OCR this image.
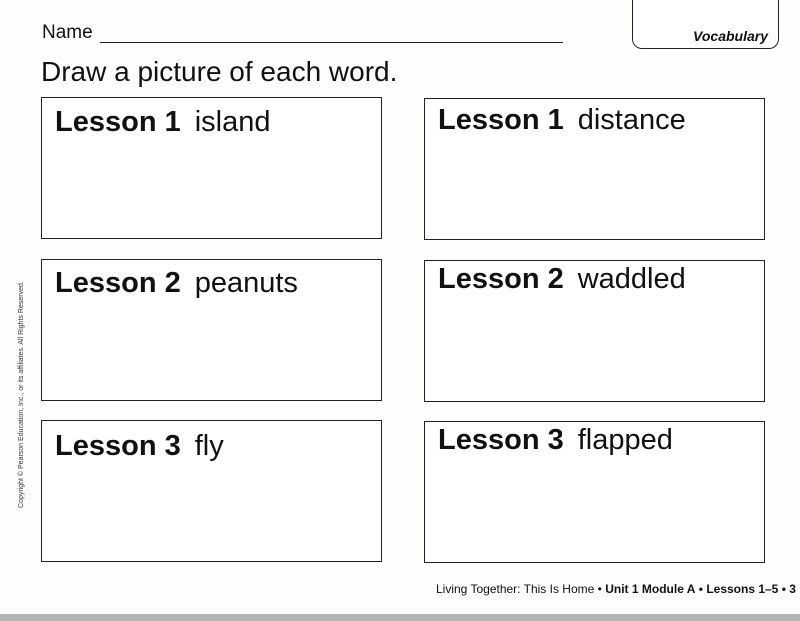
Name	Vocabulary
Draw a picture of each word.
Lesson 1 island	Lesson 1 distance
Lesson 2 peanuts	Lesson 2 waddled
Lesson 3 fly	Lesson 3 flapped
Copyright © Pearson Education, Inc., or its affiliates. All Rights Reserved.
Living Together: This Is Home • Unit 1 Module A • Lessons 1–5 • 3
